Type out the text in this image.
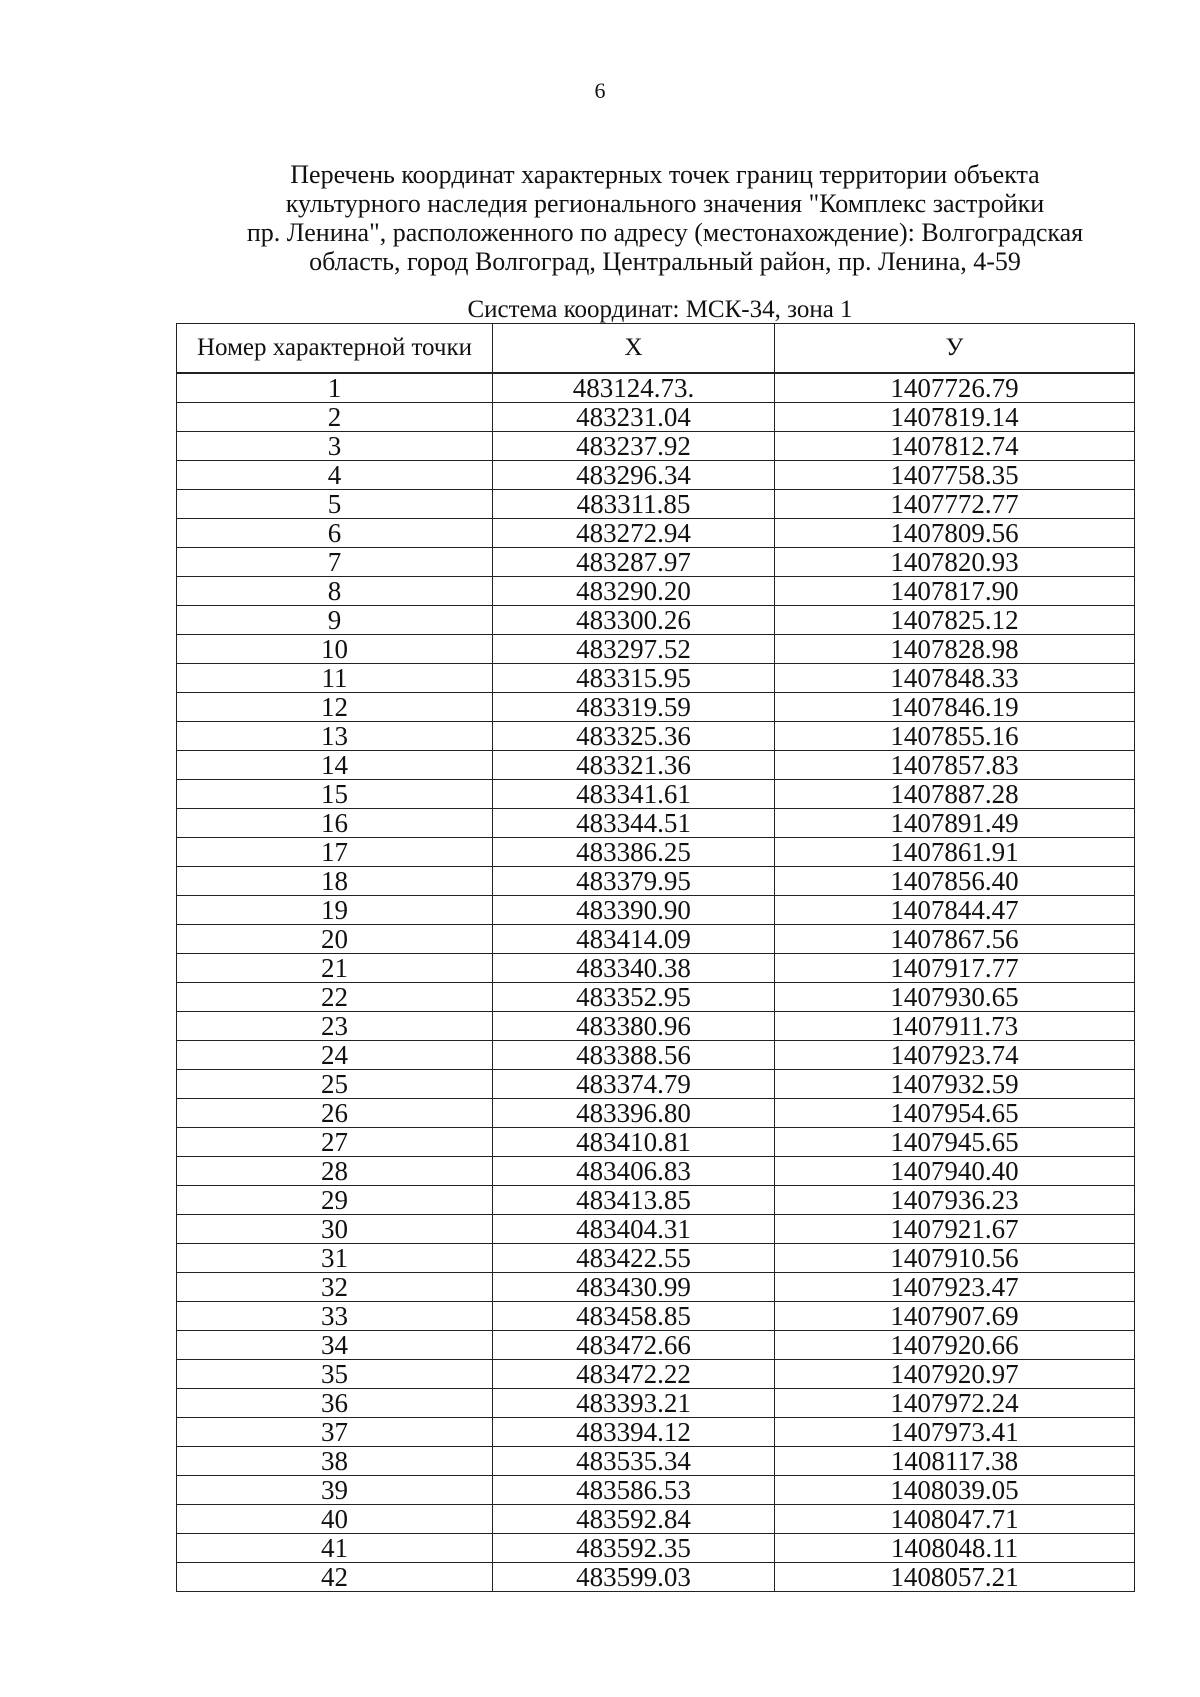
6
Перечень координат характерных точек границ территории объекта
культурного наследия регионального значения "Комплекс застройки
пр. Ленина", расположенного по адресу (местонахождение): Волгоградская
область, город Волгоград, Центральный район, пр. Ленина, 4-59
Система координат: МСК-34, зона 1
Номер характерной точки	X	У
1	483124.73.	1407726.79
2	483231.04	1407819.14
3	483237.92	1407812.74
4	483296.34	1407758.35
5	483311.85	1407772.77
6	483272.94	1407809.56
7	483287.97	1407820.93
8	483290.20	1407817.90
9	483300.26	1407825.12
10	483297.52	1407828.98
11	483315.95	1407848.33
12	483319.59	1407846.19
13	483325.36	1407855.16
14	483321.36	1407857.83
15	483341.61	1407887.28
16	483344.51	1407891.49
17	483386.25	1407861.91
18	483379.95	1407856.40
19	483390.90	1407844.47
20	483414.09	1407867.56
21	483340.38	1407917.77
22	483352.95	1407930.65
23	483380.96	1407911.73
24	483388.56	1407923.74
25	483374.79	1407932.59
26	483396.80	1407954.65
27	483410.81	1407945.65
28	483406.83	1407940.40
29	483413.85	1407936.23
30	483404.31	1407921.67
31	483422.55	1407910.56
32	483430.99	1407923.47
33	483458.85	1407907.69
34	483472.66	1407920.66
35	483472.22	1407920.97
36	483393.21	1407972.24
37	483394.12	1407973.41
38	483535.34	1408117.38
39	483586.53	1408039.05
40	483592.84	1408047.71
41	483592.35	1408048.11
42	483599.03	1408057.21
